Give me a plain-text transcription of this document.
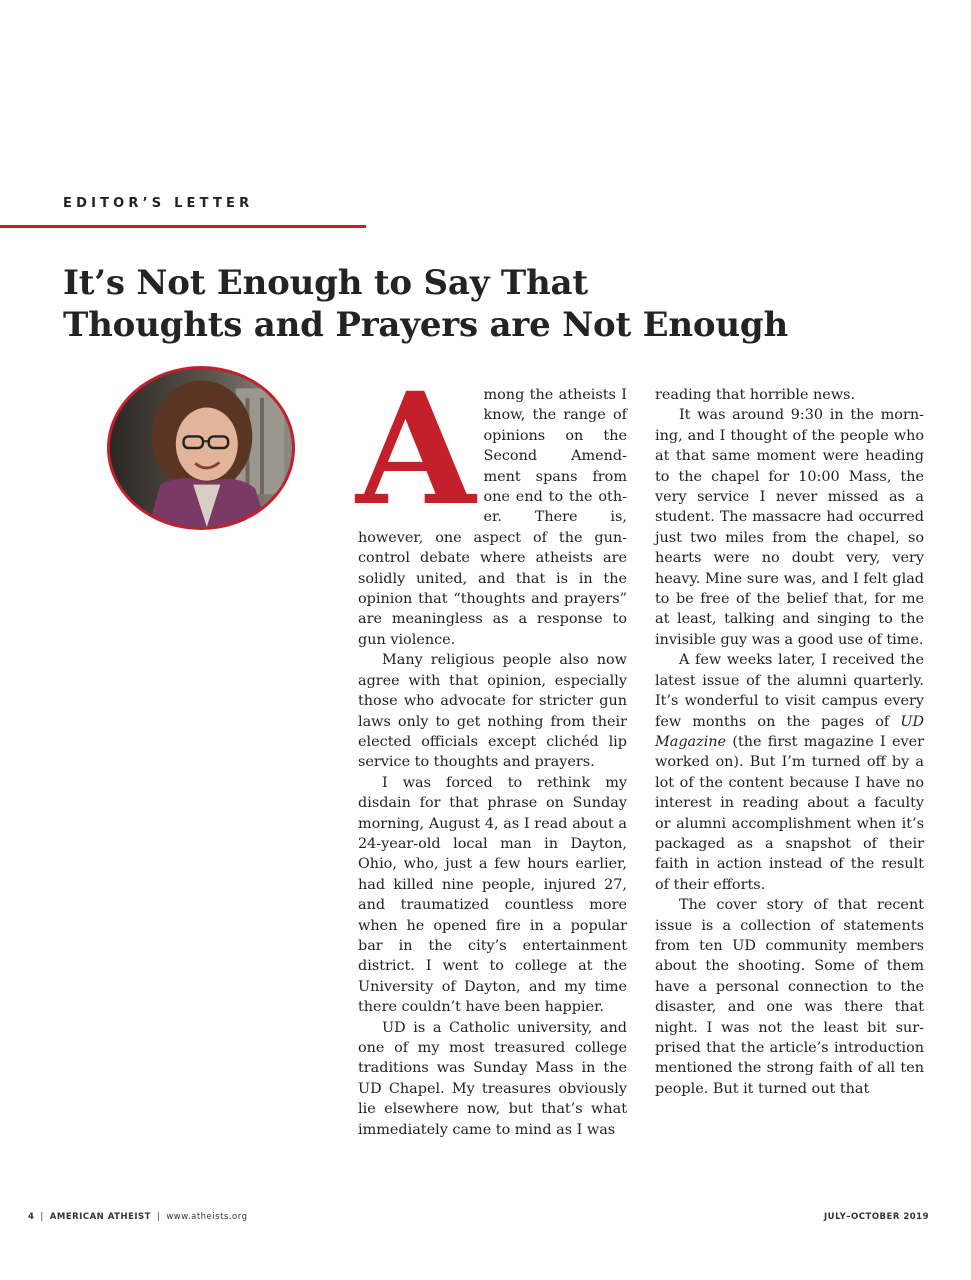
EDITOR’S LETTER
It’s Not Enough to Say That
Thoughts and Prayers are Not Enough

Among the atheists I know, the range of opinions on the Second Amendment spans from one end to the other. There is, however, one aspect of the gun-control debate where atheists are solidly united, and that is in the opinion that “thoughts and prayers” are meaningless as a response to gun violence.

Many religious people also now agree with that opinion, especially those who advocate for stricter gun laws only to get nothing from their elected officials except clichéd lip service to thoughts and prayers.

I was forced to rethink my disdain for that phrase on Sunday morning, August 4, as I read about a 24-year-old local man in Dayton, Ohio, who, just a few hours earlier, had killed nine people, injured 27, and traumatized countless more when he opened fire in a popular bar in the city’s entertainment district. I went to college at the University of Dayton, and my time there couldn’t have been happier.

UD is a Catholic university, and one of my most treasured college traditions was Sunday Mass in the UD Chapel. My treasures obviously lie elsewhere now, but that’s what immediately came to mind as I was

reading that horrible news.

It was around 9:30 in the morning, and I thought of the people who at that same moment were heading to the chapel for 10:00 Mass, the very service I never missed as a student. The massacre had occurred just two miles from the chapel, so hearts were no doubt very, very heavy. Mine sure was, and I felt glad to be free of the belief that, for me at least, talking and singing to the invisible guy was a good use of time.

A few weeks later, I received the latest issue of the alumni quarterly. It’s wonderful to visit campus every few months on the pages of UD Magazine (the first magazine I ever worked on). But I’m turned off by a lot of the content because I have no interest in reading about a faculty or alumni accomplishment when it’s packaged as a snapshot of their faith in action instead of the result of their efforts.

The cover story of that recent issue is a collection of statements from ten UD community members about the shooting. Some of them have a personal connection to the disaster, and one was there that night. I was not the least bit surprised that the article’s introduction mentioned the strong faith of all ten people. But it turned out that

4 | AMERICAN ATHEIST | www.atheists.org	JULY–OCTOBER 2019
